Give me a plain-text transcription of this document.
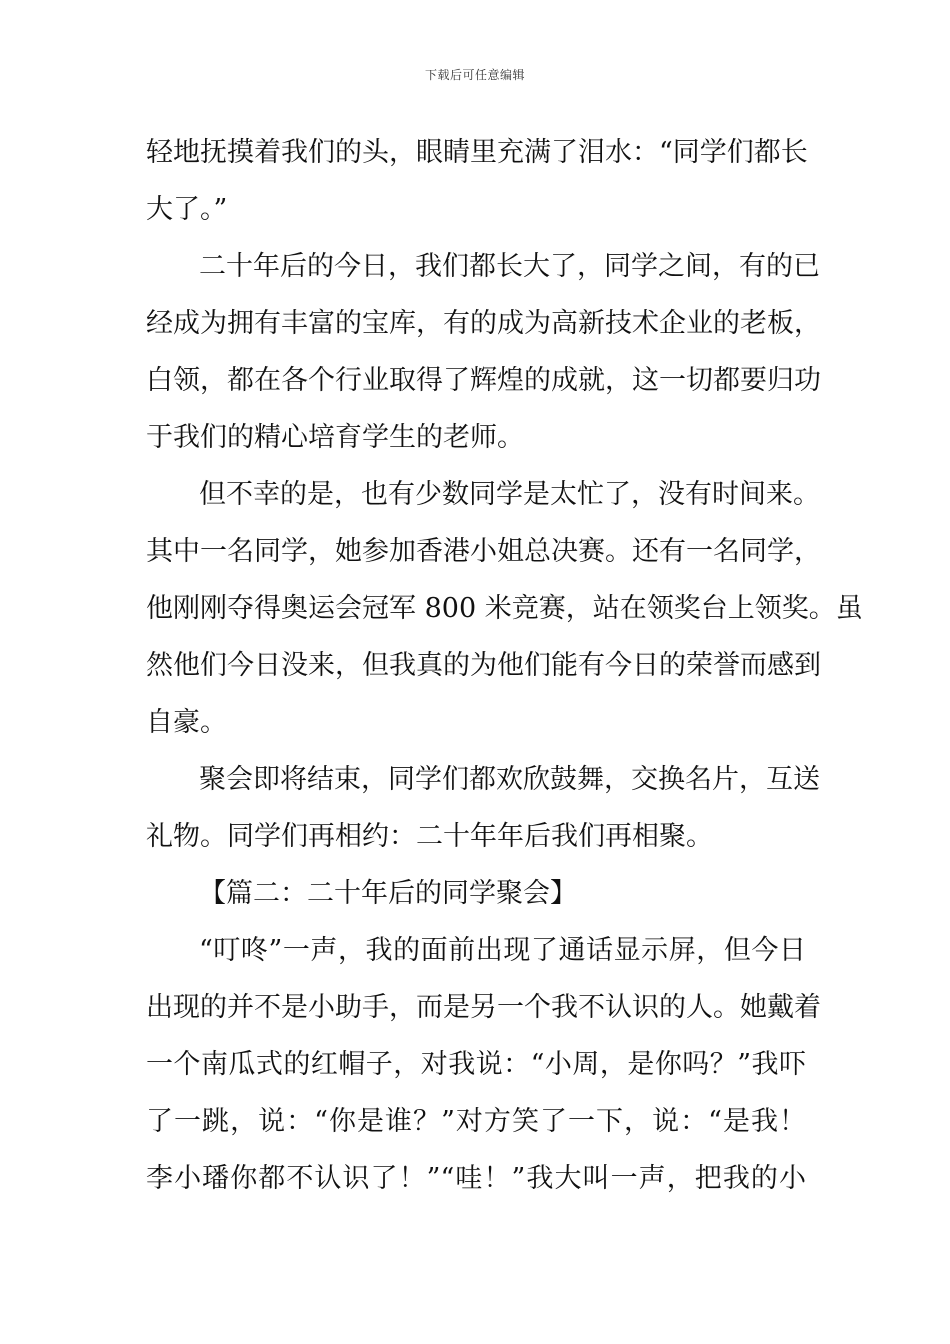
下载后可任意编辑
轻地抚摸着我们的头，眼睛里充满了泪水：“同学们都长
大了。”
二十年后的今日，我们都长大了，同学之间，有的已
经成为拥有丰富的宝库，有的成为高新技术企业的老板，
白领，都在各个行业取得了辉煌的成就，这一切都要归功
于我们的精心培育学生的老师。
但不幸的是，也有少数同学是太忙了，没有时间来。
其中一名同学，她参加香港小姐总决赛。还有一名同学，
他刚刚夺得奥运会冠军 800 米竞赛，站在领奖台上领奖。虽
然他们今日没来，但我真的为他们能有今日的荣誉而感到
自豪。
聚会即将结束，同学们都欢欣鼓舞，交换名片，互送
礼物。同学们再相约：二十年年后我们再相聚。
【篇二：二十年后的同学聚会】
“叮咚”一声，我的面前出现了通话显示屏，但今日
出现的并不是小助手，而是另一个我不认识的人。她戴着
一个南瓜式的红帽子，对我说：“小周，是你吗？”我吓
了一跳，说：“你是谁？”对方笑了一下，说：“是我！
李小璠你都不认识了！”“哇！”我大叫一声，把我的小
